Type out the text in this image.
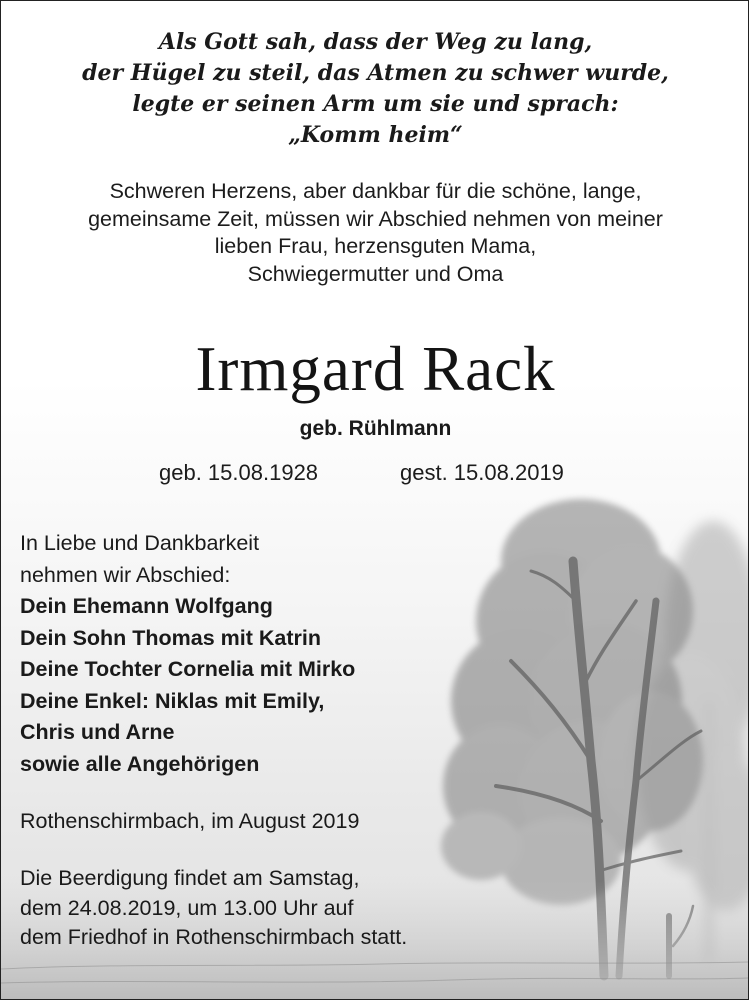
Als Gott sah, dass der Weg zu lang,
der Hügel zu steil, das Atmen zu schwer wurde,
legte er seinen Arm um sie und sprach:
„Komm heim“
Schweren Herzens, aber dankbar für die schöne, lange,
gemeinsame Zeit, müssen wir Abschied nehmen von meiner
lieben Frau, herzensguten Mama,
Schwiegermutter und Oma
Irmgard Rack
geb. Rühlmann
geb. 15.08.1928	gest. 15.08.2019
In Liebe und Dankbarkeit
nehmen wir Abschied:
Dein Ehemann Wolfgang
Dein Sohn Thomas mit Katrin
Deine Tochter Cornelia mit Mirko
Deine Enkel: Niklas mit Emily,
Chris und Arne
sowie alle Angehörigen
Rothenschirmbach, im August 2019
Die Beerdigung findet am Samstag,
dem 24.08.2019, um 13.00 Uhr auf
dem Friedhof in Rothenschirmbach statt.
